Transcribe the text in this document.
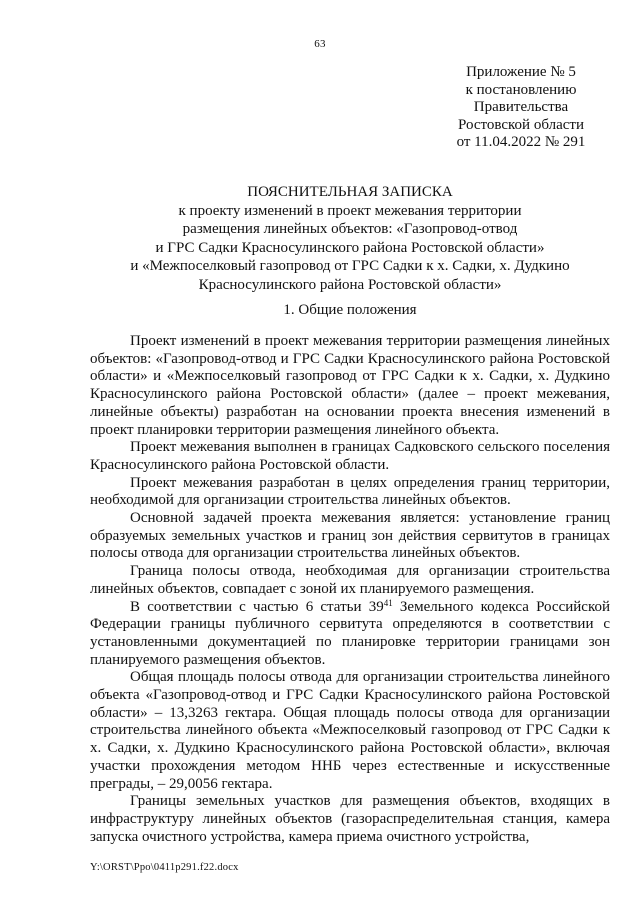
63
Приложение № 5
к постановлению
Правительства
Ростовской области
от 11.04.2022 № 291
ПОЯСНИТЕЛЬНАЯ ЗАПИСКА
к проекту изменений в проект межевания территории
размещения линейных объектов: «Газопровод-отвод
и ГРС Садки Красносулинского района Ростовской области»
и «Межпоселковый газопровод от ГРС Садки к х. Садки, х. Дудкино
Красносулинского района Ростовской области»
1. Общие положения

Проект изменений в проект межевания территории размещения линейных объектов: «Газопровод-отвод и ГРС Садки Красносулинского района Ростовской области» и «Межпоселковый газопровод от ГРС Садки к х. Садки, х. Дудкино Красносулинского района Ростовской области» (далее – проект межевания, линейные объекты) разработан на основании проекта внесения изменений в проект планировки территории размещения линейного объекта.

Проект межевания выполнен в границах Садковского сельского поселения Красносулинского района Ростовской области.

Проект межевания разработан в целях определения границ территории, необходимой для организации строительства линейных объектов.

Основной задачей проекта межевания является: установление границ образуемых земельных участков и границ зон действия сервитутов в границах полосы отвода для организации строительства линейных объектов.

Граница полосы отвода, необходимая для организации строительства линейных объектов, совпадает с зоной их планируемого размещения.

В соответствии с частью 6 статьи $39^{41}$ Земельного кодекса Российской Федерации границы публичного сервитута определяются в соответствии с установленными документацией по планировке территории границами зон планируемого размещения объектов.

Общая площадь полосы отвода для организации строительства линейного объекта «Газопровод-отвод и ГРС Садки Красносулинского района Ростовской области» – 13,3263 гектара. Общая площадь полосы отвода для организации строительства линейного объекта «Межпоселковый газопровод от ГРС Садки к х. Садки, х. Дудкино Красносулинского района Ростовской области», включая участки прохождения методом ННБ через естественные и искусственные преграды, – 29,0056 гектара.

Границы земельных участков для размещения объектов, входящих в инфраструктуру линейных объектов (газораспределительная станция, камера запуска очистного устройства, камера приема очистного устройства,

Y:\ORST\Ppo\0411p291.f22.docx
